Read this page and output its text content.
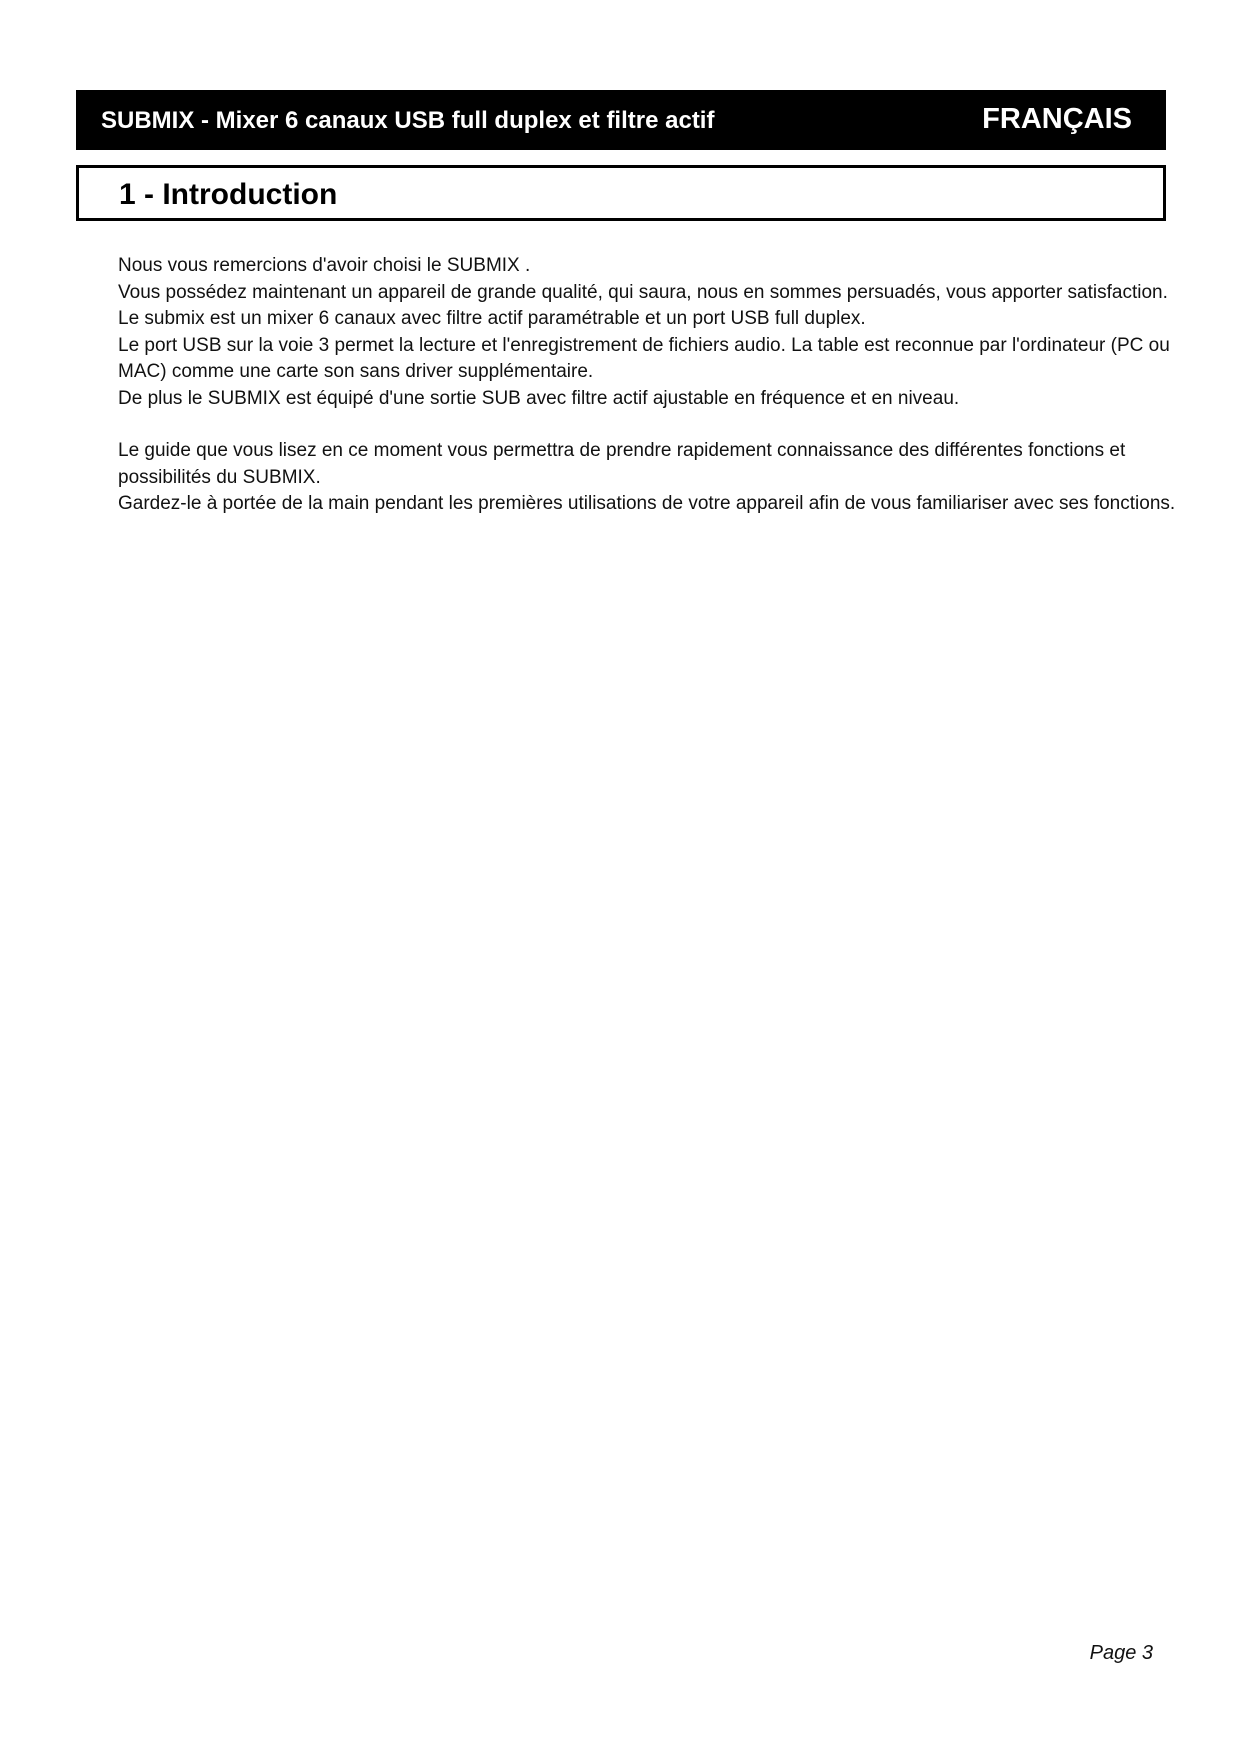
SUBMIX - Mixer 6 canaux USB full duplex et filtre actif	FRANÇAIS
1 - Introduction

Nous vous remercions d'avoir choisi le SUBMIX .

Vous possédez maintenant un appareil de grande qualité, qui saura, nous en sommes persuadés, vous apporter satisfaction.

Le submix est un mixer 6 canaux avec filtre actif paramétrable et un port USB full duplex.

Le port USB sur la voie 3 permet la lecture et l'enregistrement de fichiers audio. La table est reconnue par l'ordinateur (PC ou MAC) comme une carte son sans driver supplémentaire.

De plus le SUBMIX est équipé d'une sortie SUB avec filtre actif ajustable en fréquence et en niveau.

Le guide que vous lisez en ce moment vous permettra de prendre rapidement connaissance des différentes fonctions et possibilités du SUBMIX.

Gardez-le à portée de la main pendant les premières utilisations de votre appareil afin de vous familiariser avec ses fonctions.

Page 3
